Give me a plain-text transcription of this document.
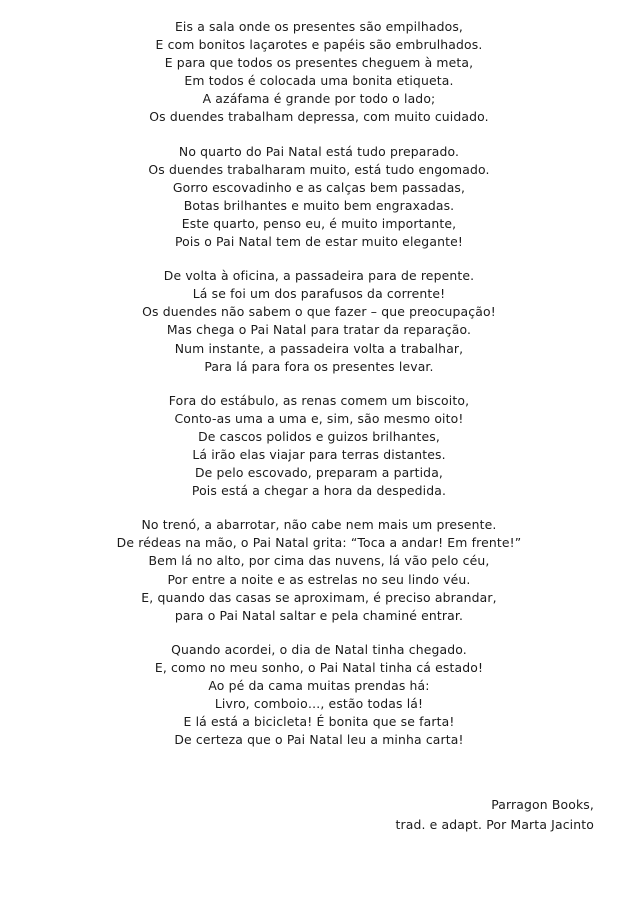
Eis a sala onde os presentes são empilhados,
E com bonitos laçarotes e papéis são embrulhados.
E para que todos os presentes cheguem à meta,
Em todos é colocada uma bonita etiqueta.
A azáfama é grande por todo o lado;
Os duendes trabalham depressa, com muito cuidado.
No quarto do Pai Natal está tudo preparado.
Os duendes trabalharam muito, está tudo engomado.
Gorro escovadinho e as calças bem passadas,
Botas brilhantes e muito bem engraxadas.
Este quarto, penso eu, é muito importante,
Pois o Pai Natal tem de estar muito elegante!
De volta à oficina, a passadeira para de repente.
Lá se foi um dos parafusos da corrente!
Os duendes não sabem o que fazer – que preocupação!
Mas chega o Pai Natal para tratar da reparação.
Num instante, a passadeira volta a trabalhar,
Para lá para fora os presentes levar.
Fora do estábulo, as renas comem um biscoito,
Conto-as uma a uma e, sim, são mesmo oito!
De cascos polidos e guizos brilhantes,
Lá irão elas viajar para terras distantes.
De pelo escovado, preparam a partida,
Pois está a chegar a hora da despedida.
No trenó, a abarrotar, não cabe nem mais um presente.
De rédeas na mão, o Pai Natal grita: “Toca a andar! Em frente!”
Bem lá no alto, por cima das nuvens, lá vão pelo céu,
Por entre a noite e as estrelas no seu lindo véu.
E, quando das casas se aproximam, é preciso abrandar,
para o Pai Natal saltar e pela chaminé entrar.
Quando acordei, o dia de Natal tinha chegado.
E, como no meu sonho, o Pai Natal tinha cá estado!
Ao pé da cama muitas prendas há:
Livro, comboio…, estão todas lá!
E lá está a bicicleta! É bonita que se farta!
De certeza que o Pai Natal leu a minha carta!
Parragon Books,
trad. e adapt. Por Marta Jacinto
